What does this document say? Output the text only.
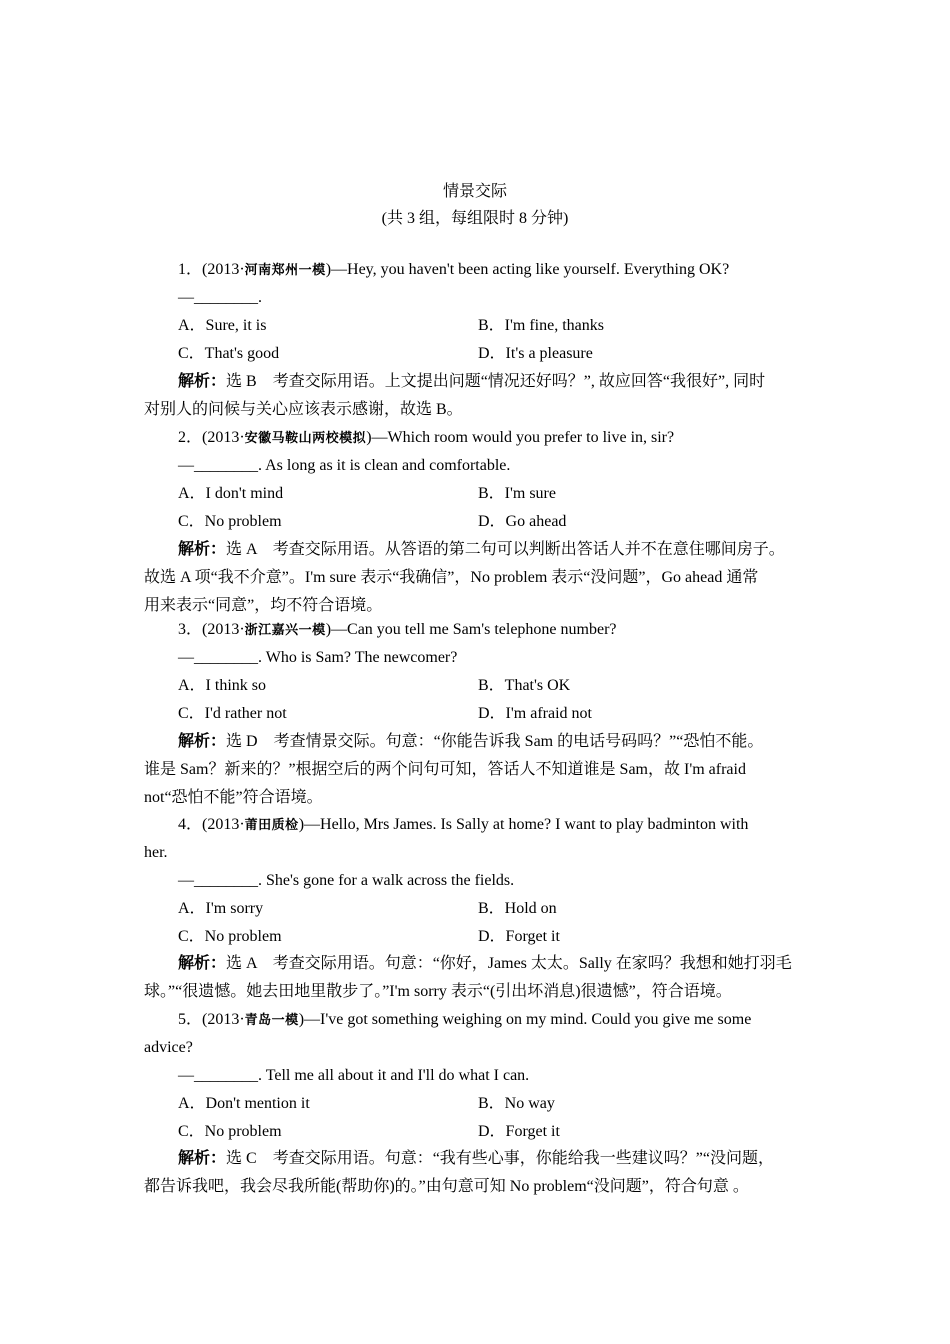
情景交际
(共 3 组，每组限时 8 分钟)
1．(2013·河南郑州一模)—Hey, you haven't been acting like yourself. Everything OK?
—________.
A．Sure, it is	B．I'm fine, thanks
C．That's good	D．It's a pleasure
解析：选 B　考查交际用语。上文提出问题“情况还好吗？”, 故应回答“我很好”, 同时
对别人的问候与关心应该表示感谢，故选 B。
2．(2013·安徽马鞍山两校模拟)—Which room would you prefer to live in, sir?
—________. As long as it is clean and comfortable.
A．I don't mind	B．I'm sure
C．No problem	D．Go ahead
解析：选 A　考查交际用语。从答语的第二句可以判断出答话人并不在意住哪间房子。
故选 A 项“我不介意”。I'm sure 表示“我确信”，No problem 表示“没问题”，Go ahead 通常
用来表示“同意”，均不符合语境。
3．(2013·浙江嘉兴一模)—Can you tell me Sam's telephone number?
—________. Who is Sam? The newcomer?
A．I think so	B．That's OK
C．I'd rather not	D．I'm afraid not
解析：选 D　考查情景交际。句意：“你能告诉我 Sam 的电话号码吗？”“恐怕不能。
谁是 Sam？新来的？”根据空后的两个问句可知，答话人不知道谁是 Sam，故 I'm afraid
not“恐怕不能”符合语境。
4．(2013·莆田质检)—Hello, Mrs James. Is Sally at home? I want to play badminton with
her.
—________. She's gone for a walk across the fields.
A．I'm sorry	B．Hold on
C．No problem	D．Forget it
解析：选 A　考查交际用语。句意：“你好，James 太太。Sally 在家吗？我想和她打羽毛
球。”“很遗憾。她去田地里散步了。”I'm sorry 表示“(引出坏消息)很遗憾”，符合语境。
5．(2013·青岛一模)—I've got something weighing on my mind. Could you give me some
advice?
—________. Tell me all about it and I'll do what I can.
A．Don't mention it	B．No way
C．No problem	D．Forget it
解析：选 C　考查交际用语。句意：“我有些心事，你能给我一些建议吗？”“没问题，
都告诉我吧，我会尽我所能(帮助你)的。”由句意可知 No problem“没问题”，符合句意 。
